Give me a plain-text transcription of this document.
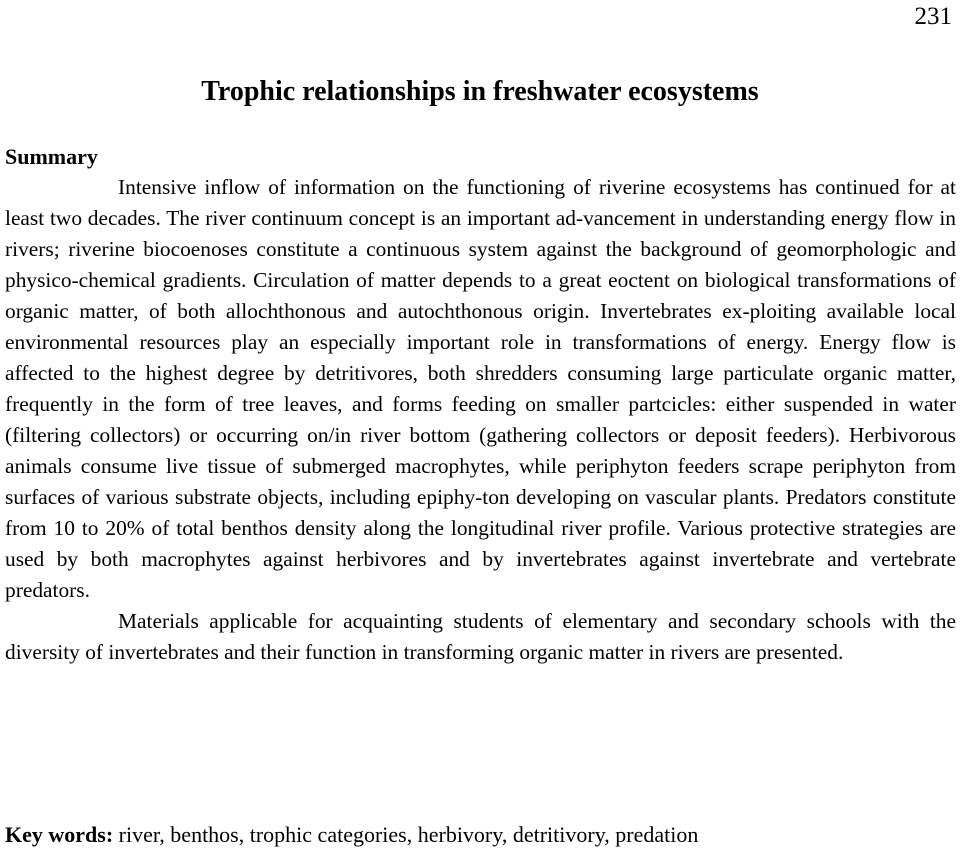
231
Trophic relationships in freshwater ecosystems
Summary

Intensive inflow of information on the functioning of riverine ecosystems has continued for at least two decades. The river continuum concept is an important ad-vancement in understanding energy flow in rivers; riverine biocoenoses constitute a continuous system against the background of geomorphologic and physico-chemical gradients. Circulation of matter depends to a great eoctent on biological transformations of organic matter, of both allochthonous and autochthonous origin. Invertebrates ex-ploiting available local environmental resources play an especially important role in transformations of energy. Energy flow is affected to the highest degree by detritivores, both shredders consuming large particulate organic matter, frequently in the form of tree leaves, and forms feeding on smaller partcicles: either suspended in water (filtering collectors) or occurring on/in river bottom (gathering collectors or deposit feeders). Herbivorous animals consume live tissue of submerged macrophytes, while periphyton feeders scrape periphyton from surfaces of various substrate objects, including epiphy-ton developing on vascular plants. Predators constitute from 10 to 20% of total benthos density along the longitudinal river profile. Various protective strategies are used by both macrophytes against herbivores and by invertebrates against invertebrate and vertebrate predators.

Materials applicable for acquainting students of elementary and secondary schools with the diversity of invertebrates and their function in transforming organic matter in rivers are presented.

Key words: river, benthos, trophic categories, herbivory, detritivory, predation
